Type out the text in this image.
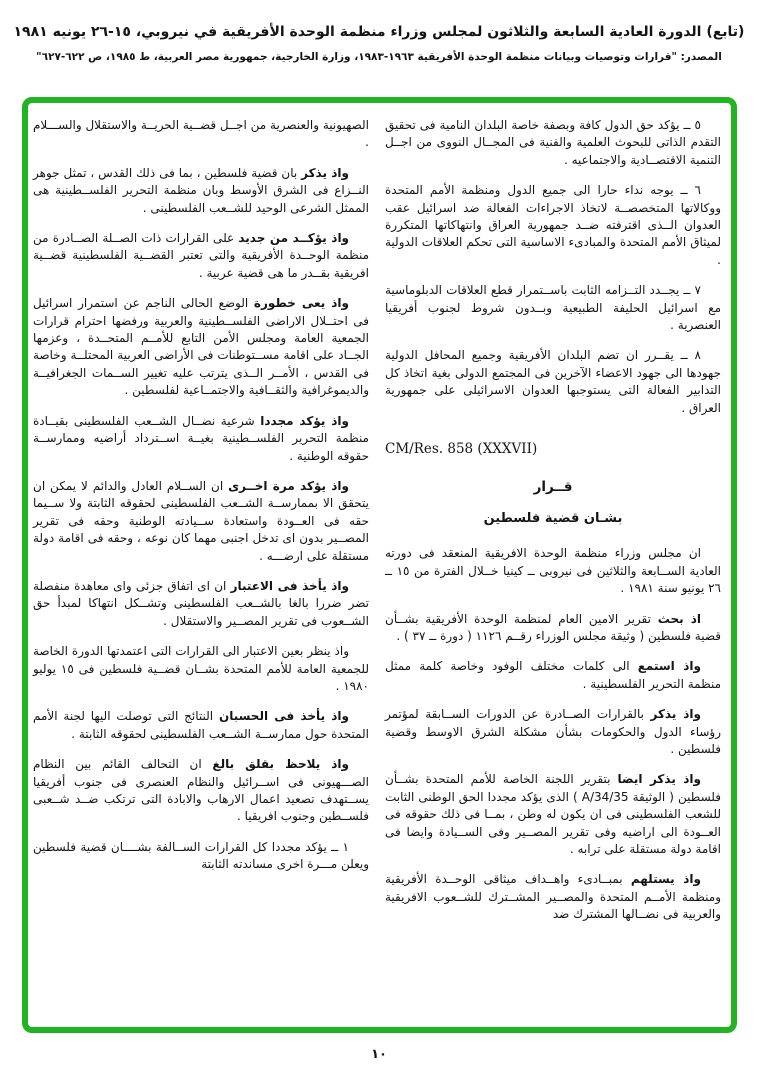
(تابع) الدورة العادية السابعة والثلاثون لمجلس وزراء منظمة الوحدة الأفريقية في نيروبي، ١٥-٢٦ يونيه ١٩٨١
المصدر: "قرارات وتوصيات وبيانات منظمة الوحدة الأفريقية ١٩٦٣-١٩٨٣، وزارة الخارجية، جمهورية مصر العربية، ط ١٩٨٥، ص ٦٢٢-٦٢٧"

٥ ــ يؤكد حق الدول كافة وبصفة خاصة البلدان النامية فى تحقيق التقدم الذاتى للبحوث العلمية والفنية فى المجــال النووى من اجــل التنمية الاقتصــادية والاجتماعيه .

٦ ــ يوجه نداء حارا الى جميع الدول ومنظمة الأمم المتحدة ووكالاتها المتخصصــة لاتخاذ الاجراءات الفعالة ضد اسرائيل عقب العدوان الــذى اقترفته ضــد جمهورية العراق وانتهاكاتها المتكررة لميثاق الأمم المتحدة والمبادىء الاساسية التى تحكم العلاقات الدولية .

٧ ــ يجــدد التــزامه الثابت باســتمرار قطع العلاقات الدبلوماسية مع اسرائيل الحليفة الطبيعية وبــدون شروط لجنوب أفريقيا العنصرية .

٨ ــ يقــرر ان تضم البلدان الأفريقية وجميع المحافل الدولية جهودها الى جهود الاعضاء الآخرين فى المجتمع الدولى بغية اتخاذ كل التدابير الفعالة التى يستوجبها العدوان الاسرائيلى على جمهورية العراق .

CM/Res. 858 (XXXVII)

قــرار

بشـان قضية فلسطين

ان مجلس وزراء منظمة الوحدة الافريقية المنعقد فى دورته العادية الســابعة والثلاثين فى نيروبى ــ كينيا خــلال الفترة من ١٥ ــ ٢٦ يونيو سنة ١٩٨١ .

اذ بحث تقرير الامين العام لمنظمة الوحدة الأفريقية بشــأن قضية فلسطين ( وثيقة مجلس الوزراء رقــم ١١٢٦ ( دورة ــ ٣٧ ) .

واذ استمع الى كلمات مختلف الوفود وخاصة كلمة ممثل منظمة التحرير الفلسطينية .

واذ يذكر بالقرارات الصــادرة عن الدورات الســابقة لمؤتمر رؤساء الدول والحكومات بشأن مشكلة الشرق الاوسط وقضية فلسطين .

واذ يذكر ايضا بتقرير اللجنة الخاصة للأمم المتحدة بشــأن فلسطين ( الوثيقة A/34/35 ) الذى يؤكد مجددا الحق الوطنى الثابت للشعب الفلسطينى فى ان يكون له وطن ، بمــا فى ذلك حقوقه فى العــودة الى اراضيه وفى تقرير المصــير وفى الســيادة وايضا فى اقامة دولة مستقلة على ترابه .

واذ يستلهم بمبــادىء واهــداف ميثاقى الوحــدة الأفريقية ومنظمة الأمــم المتحدة والمصــير المشــترك للشــعوب الافريقية والعربية فى نضــالها المشترك ضد

الصهيونية والعنصرية من اجــل قضــية الحريــة والاستقلال والســـلام .

واذ يذكر بان قضية فلسطين ، بما فى ذلك القدس ، تمثل جوهر النــزاع فى الشرق الأوسط وبان منظمة التحرير الفلســطينية هى الممثل الشرعى الوحيد للشــعب الفلسطينى .

واذ يؤكــد من جديد على القرارات ذات الصــلة الصــادرة من منظمة الوحــدة الأفريقية والتى تعتبر القضــية الفلسطينية قضــية افريقية بقــدر ما هى قضية عربية .

واذ يعى خطورة الوضع الحالى الناجم عن استمرار اسرائيل فى احتــلال الاراضى الفلســطينية والعربية ورفضها احترام قرارات الجمعية العامة ومجلس الأمن التابع للأمــم المتحــدة ، وعزمها الجــاد على اقامة مســتوطنات فى الأراضى العربية المحتلــة وخاصة فى القدس ، الأمــر الــذى يترتب عليه تغيير الســمات الجغرافيــة والديموغرافية والثقــافية والاجتمــاعية لفلسطين .

واذ يؤكد مجددا شرعية نضــال الشــعب الفلسطينى بقيــادة منظمة التحرير الفلســطينية بغيــة اســترداد أراضيه وممارســة حقوقه الوطنية .

واذ يؤكد مرة اخــرى ان الســلام العادل والدائم لا يمكن ان يتحقق الا بممارســة الشــعب الفلسطينى لحقوقه الثابتة ولا ســيما حقه فى العــودة واستعادة ســيادته الوطنية وحقه فى تقرير المصــير بدون اى تدخل اجنبى مهما كان نوعه ، وحقه فى اقامة دولة مستقلة على ارضـــه .

واذ يأخذ فى الاعتبار ان اى اتفاق جزئى واى معاهدة منفصلة تضر ضررا بالغا بالشــعب الفلسطينى وتشــكل انتهاكا لمبدأ حق الشــعوب فى تقرير المصــير والاستقلال .

واذ ينظر بعين الاعتبار الى القرارات التى اعتمدتها الدورة الخاصة للجمعية العامة للأمم المتحدة بشــان قضــية فلسطين فى ١٥ يوليو ١٩٨٠ .

واذ يأخذ فى الحسبان النتائج التى توصلت اليها لجنة الأمم المتحدة حول ممارســة الشــعب الفلسطينى لحقوقه الثابتة .

واذ يلاحظ بقلق بالغ ان التحالف القائم بين النظام الصـــهيونى فى اســرائيل والنظام العنصرى فى جنوب أفريقيا يســتهدف تصعيد اعمال الارهاب والابادة التى ترتكب ضــد شــعبى فلســطين وجنوب افريقيا .

١ ــ يؤكد مجددا كل القرارات الســالفة بشــــان قضية فلسطين ويعلن مـــرة اخرى مساندته الثابتة

١٠
